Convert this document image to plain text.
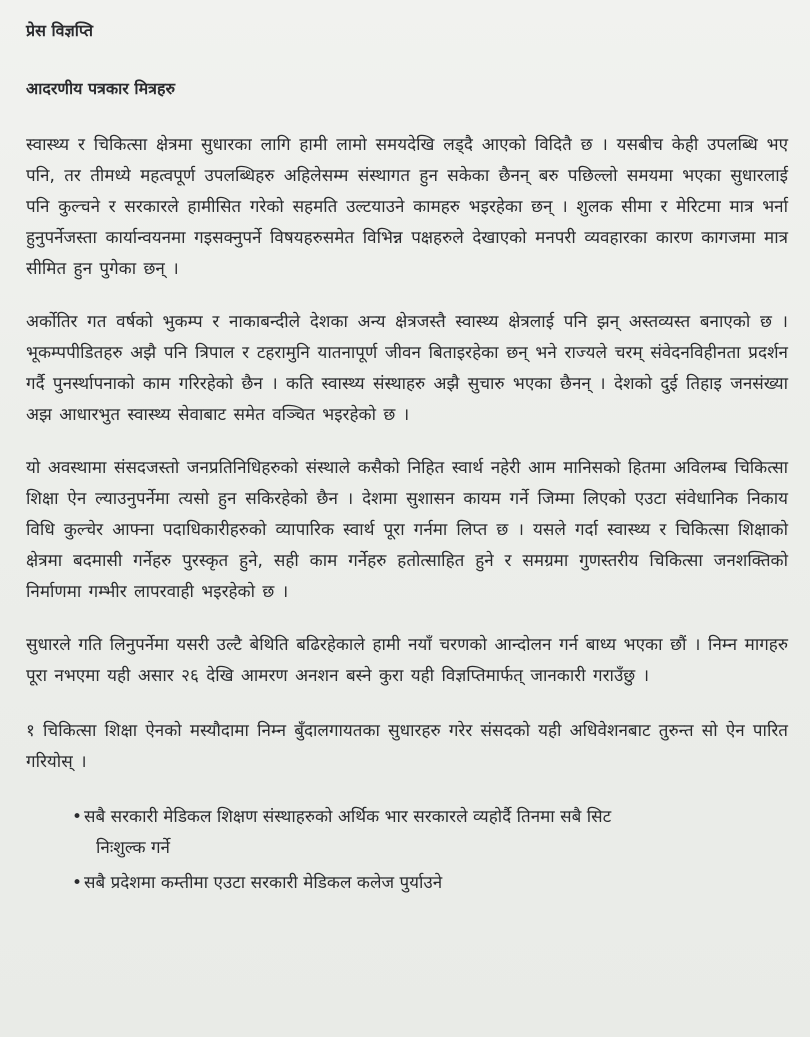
प्रेस विज्ञप्ति
आदरणीय पत्रकार मित्रहरु

स्वास्थ्य र चिकित्सा क्षेत्रमा सुधारका लागि हामी लामो समयदेखि लड्दै आएको विदितै छ । यसबीच केही उपलब्धि भए पनि, तर तीमध्ये महत्वपूर्ण उपलब्धिहरु अहिलेसम्म संस्थागत हुन सकेका छैनन् बरु पछिल्लो समयमा भएका सुधारलाई पनि कुल्चने र सरकारले हामीसित गरेको सहमति उल्टयाउने कामहरु भइरहेका छन् । शुलक सीमा र मेरिटमा मात्र भर्ना हुनुपर्नेजस्ता कार्यान्वयनमा गइसक्नुपर्ने विषयहरुसमेत विभिन्न पक्षहरुले देखाएको मनपरी व्यवहारका कारण कागजमा मात्र सीमित हुन पुगेका छन् ।

अर्कोतिर गत वर्षको भुकम्प र नाकाबन्दीले देशका अन्य क्षेत्रजस्तै स्वास्थ्य क्षेत्रलाई पनि झन् अस्तव्यस्त बनाएको छ । भूकम्पपीडितहरु अझै पनि त्रिपाल र टहरामुनि यातनापूर्ण जीवन बिताइरहेका छन् भने राज्यले चरम् संवेदनविहीनता प्रदर्शन गर्दै पुनर्स्थापनाको काम गरिरहेको छैन । कति स्वास्थ्य संस्थाहरु अझै सुचारु भएका छैनन् । देशको दुई तिहाइ जनसंख्या अझ आधारभुत स्वास्थ्य सेवाबाट समेत वञ्चित भइरहेको छ ।

यो अवस्थामा संसदजस्तो जनप्रतिनिधिहरुको संस्थाले कसैको निहित स्वार्थ नहेरी आम मानिसको हितमा अविलम्ब चिकित्सा शिक्षा ऐन ल्याउनुपर्नेमा त्यसो हुन सकिरहेको छैन । देशमा सुशासन कायम गर्ने जिम्मा लिएको एउटा संवेधानिक निकाय विधि कुल्चेर आफ्ना पदाधिकारीहरुको व्यापारिक स्वार्थ पूरा गर्नमा लिप्त छ । यसले गर्दा स्वास्थ्य र चिकित्सा शिक्षाको क्षेत्रमा बदमासी गर्नेहरु पुरस्कृत हुने, सही काम गर्नेहरु हतोत्साहित हुने र समग्रमा गुणस्तरीय चिकित्सा जनशक्तिको निर्माणमा गम्भीर लापरवाही भइरहेको छ ।

सुधारले गति लिनुपर्नेमा यसरी उल्टै बेथिति बढिरहेकाले हामी नयाँ चरणको आन्दोलन गर्न बाध्य भएका छौं । निम्न मागहरु पूरा नभएमा यही असार २६ देखि आमरण अनशन बस्ने कुरा यही विज्ञप्तिमार्फत् जानकारी गराउँछु ।

१ चिकित्सा शिक्षा ऐनको मस्यौदामा निम्न बुँदालगायतका सुधारहरु गरेर संसदको यही अधिवेशनबाट तुरुन्त सो ऐन पारित गरियोस् ।

• सबै सरकारी मेडिकल शिक्षण संस्थाहरुको अर्थिक भार सरकारले व्यहोर्दै तिनमा सबै सिट
निःशुल्क गर्ने
• सबै प्रदेशमा कम्तीमा एउटा सरकारी मेडिकल कलेज पुर्याउने
